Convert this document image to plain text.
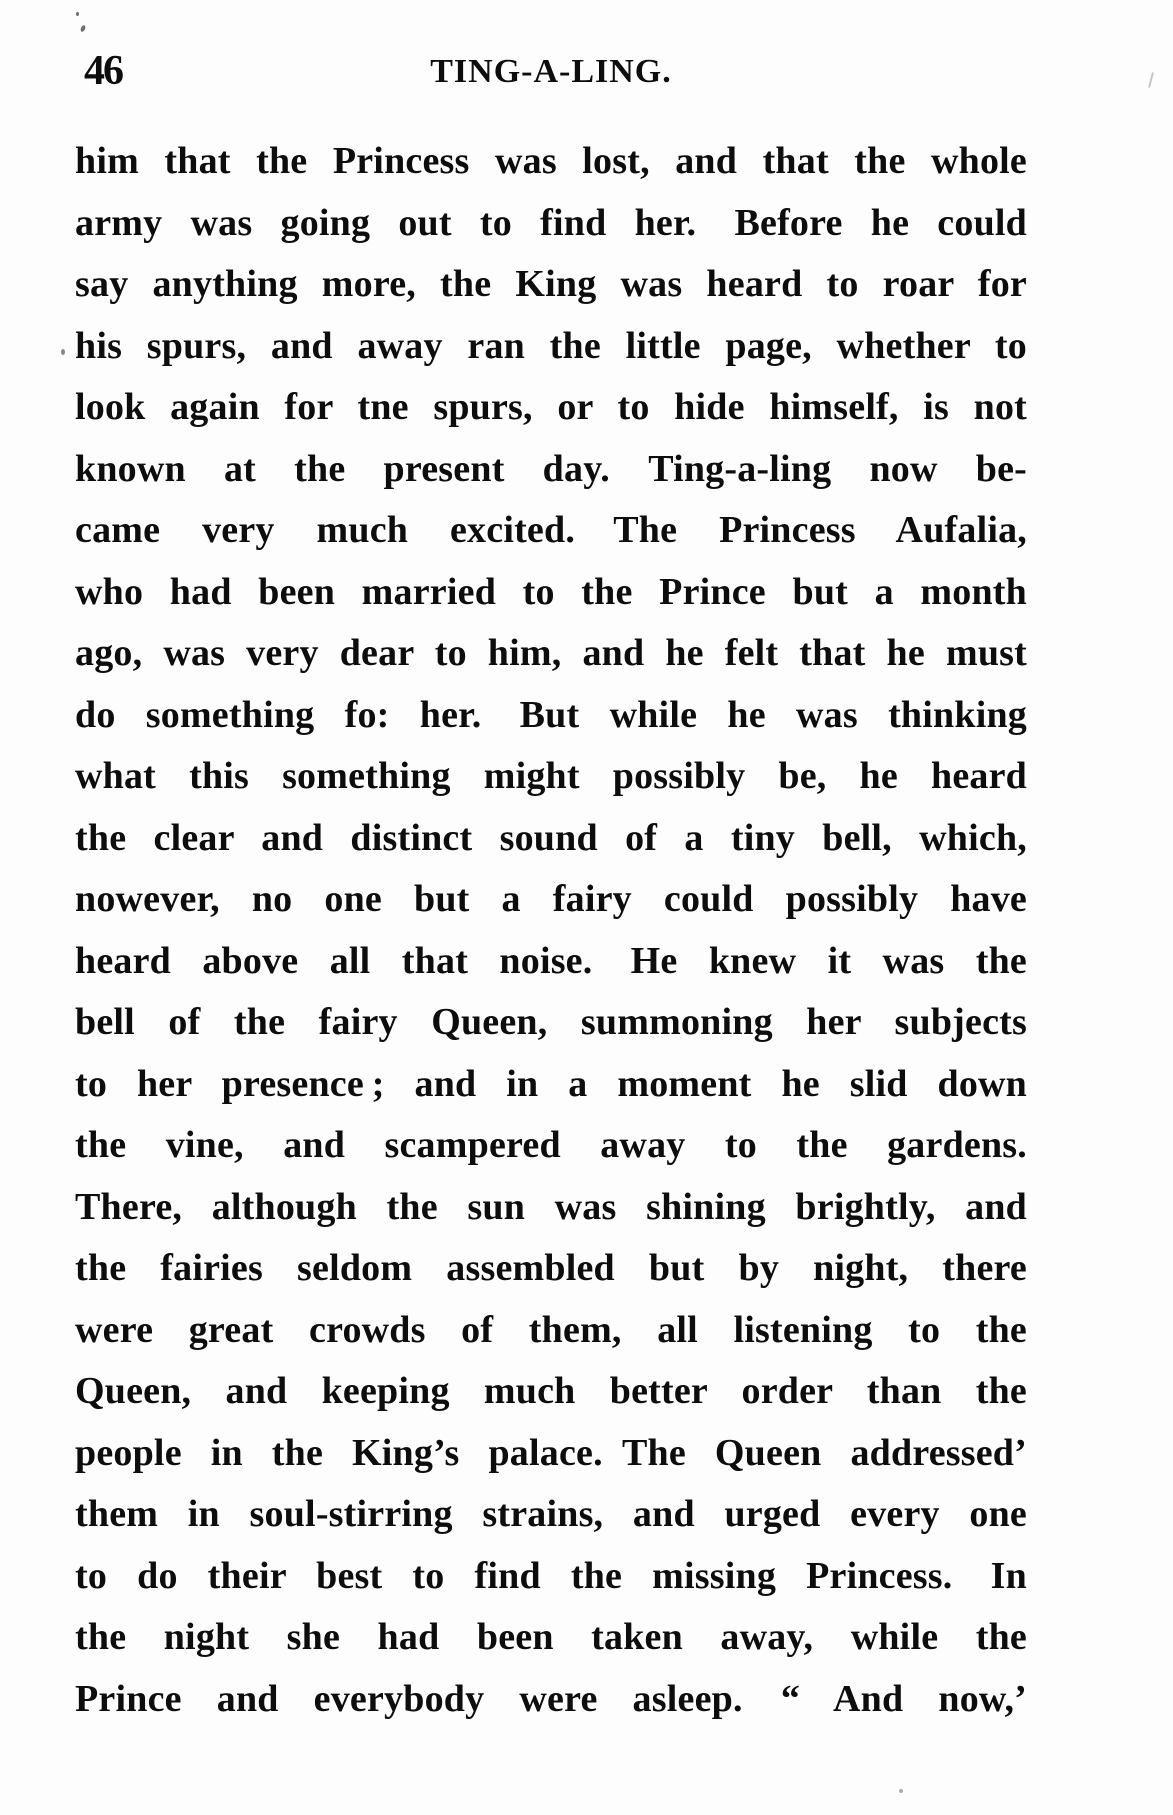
46	TING-A-LING.
him that the Princess was lost, and that the whole
army was going out to find her. Before he could
say anything more, the King was heard to roar for
his spurs, and away ran the little page, whether to
look again for tne spurs, or to hide himself, is not
known at the present day. Ting-a-ling now be-
came very much excited. The Princess Aufalia,
who had been married to the Prince but a month
ago, was very dear to him, and he felt that he must
do something fo: her. But while he was thinking
what this something might possibly be, he heard
the clear and distinct sound of a tiny bell, which,
nowever, no one but a fairy could possibly have
heard above all that noise. He knew it was the
bell of the fairy Queen, summoning her subjects
to her presence ; and in a moment he slid down
the vine, and scampered away to the gardens.
There, although the sun was shining brightly, and
the fairies seldom assembled but by night, there
were great crowds of them, all listening to the
Queen, and keeping much better order than the
people in the King’s palace. The Queen addressed’
them in soul-stirring strains, and urged every one
to do their best to find the missing Princess. In
the night she had been taken away, while the
Prince and everybody were asleep. “ And now,’
